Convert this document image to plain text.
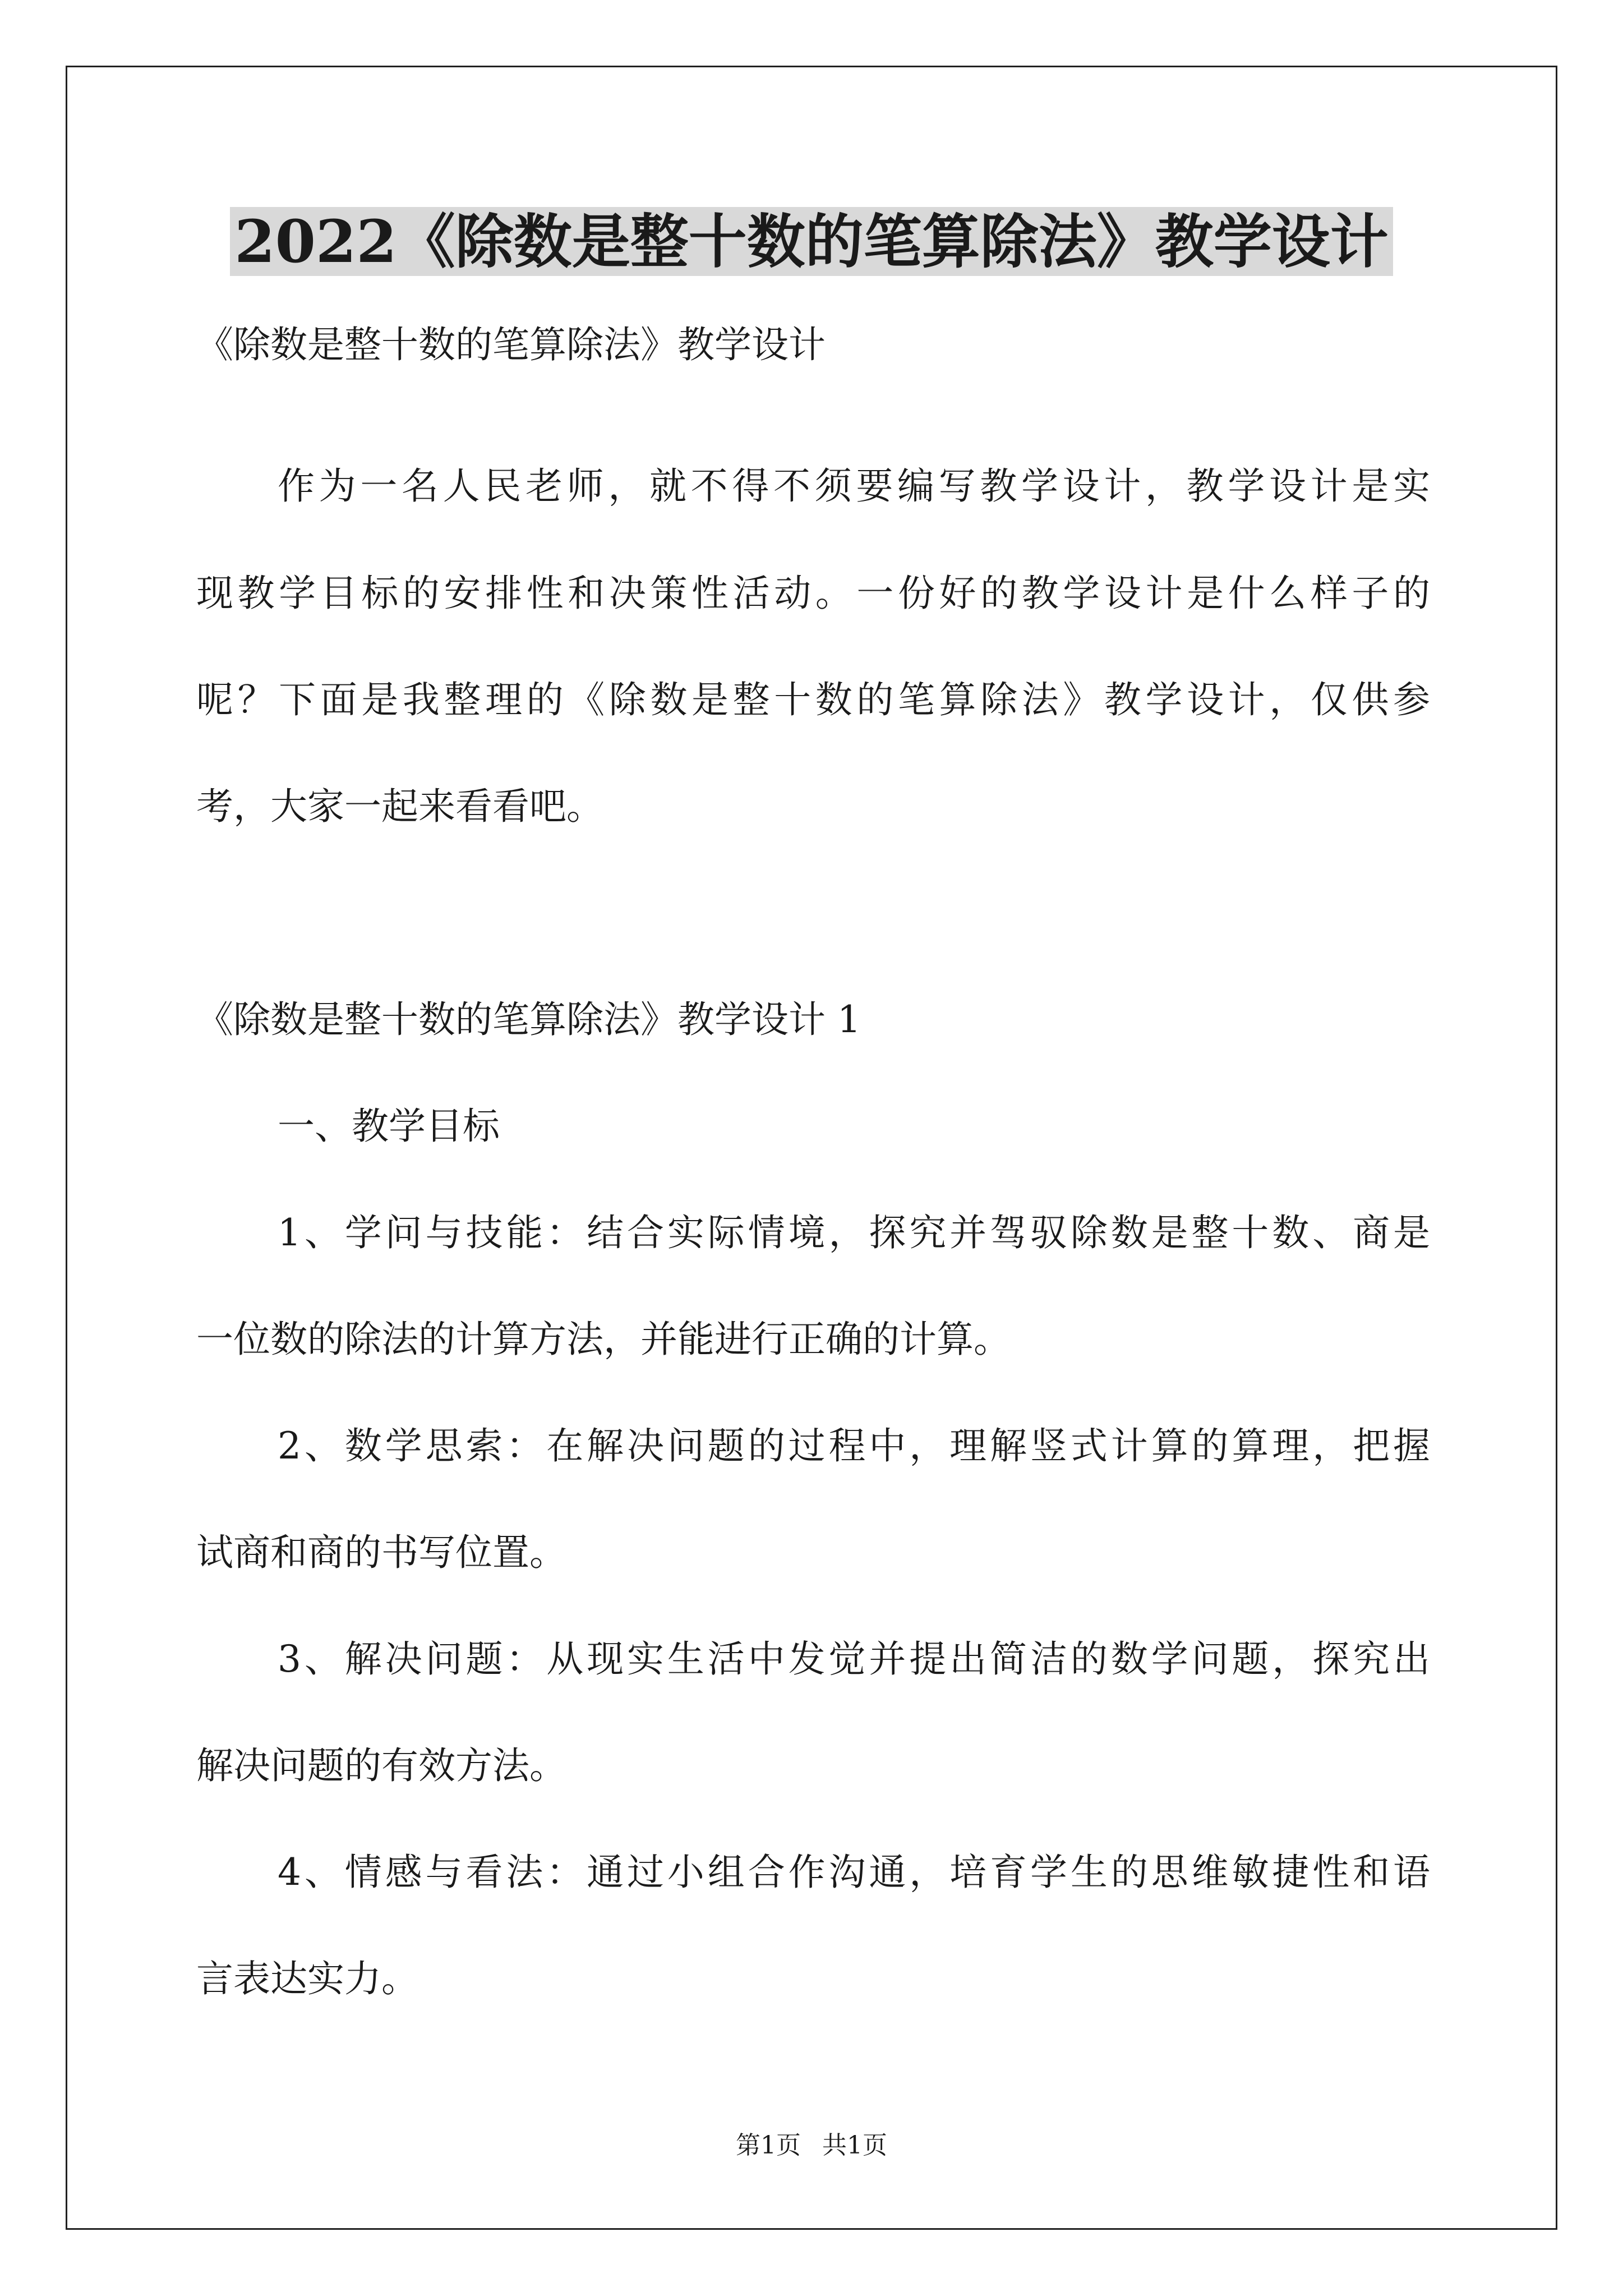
2022《除数是整十数的笔算除法》教学设计
《除数是整十数的笔算除法》教学设计
作为一名人民老师，就不得不须要编写教学设计，教学设计是实
现教学目标的安排性和决策性活动。一份好的教学设计是什么样子的
呢？下面是我整理的《除数是整十数的笔算除法》教学设计，仅供参
考，大家一起来看看吧。
《除数是整十数的笔算除法》教学设计 1
一、教学目标
1、学问与技能：结合实际情境，探究并驾驭除数是整十数、商是
一位数的除法的计算方法，并能进行正确的计算。
2、数学思索：在解决问题的过程中，理解竖式计算的算理，把握
试商和商的书写位置。
3、解决问题：从现实生活中发觉并提出简洁的数学问题，探究出
解决问题的有效方法。
4、情感与看法：通过小组合作沟通，培育学生的思维敏捷性和语
言表达实力。
第1页 共1页
